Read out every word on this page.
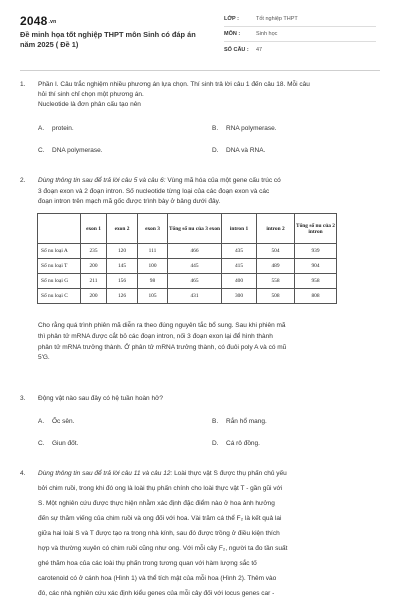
2048.vn
Đề minh họa tốt nghiệp THPT môn Sinh có đáp án năm 2025 ( Đề 1)
LỚP :	Tốt nghiệp THPT
MÔN :	Sinh học
SỐ CÂU : 47
1. Phần I. Câu trắc nghiệm nhiều phương án lựa chọn. Thí sinh trả lời câu 1 đến câu 18. Mỗi câu
hỏi thí sinh chỉ chọn một phương án.
Nucleotide là đơn phân cấu tạo nên
A. protein.	B. RNA polymerase.
C. DNA polymerase.	D. DNA và RNA.
2. Dùng thông tin sau để trả lời câu 5 và câu 6: Vùng mã hóa của một gene cấu trúc có
3 đoạn exon và 2 đoạn intron. Số nucleotide từng loại của các đoạn exon và các
đoạn intron trên mạch mã gốc được trình bày ở bảng dưới đây.
	exon 1	exon 2	exon 3	Tổng số nu của 3 exon	intron 1	intron 2	Tổng số nu của 2 intron
Số nu loại A	235	120	111	466	435	504	939
Số nu loại T	200	145	100	445	415	489	904
Số nu loại G	211	156	98	465	400	558	958
Số nu loại C	200	126	105	431	300	508	808
Cho rằng quá trình phiên mã diễn ra theo đúng nguyên tắc bổ sung. Sau khi phiên mã
thì phân tử mRNA được cắt bỏ các đoạn intron, nối 3 đoạn exon lại để hình thành
phân tử mRNA trưởng thành. Ở phân tử mRNA trưởng thành, có đuôi poly A và có mũ
5'G.
3. Động vật nào sau đây có hệ tuần hoàn hở?
A. Ốc sên.	B. Rắn hổ mang.
C. Giun đốt.	D. Cá rô đồng.
4. Dùng thông tin sau để trả lời câu 11 và câu 12: Loài thực vật S được thụ phấn chủ yếu
bởi chim ruồi, trong khi đó ong là loài thụ phấn chính cho loài thực vật T - gần gũi với
S. Một nghiên cứu được thực hiện nhằm xác định đặc điểm nào ở hoa ảnh hưởng
đến sự thăm viếng của chim ruồi và ong đối với hoa. Vài trăm cá thể F₂ là kết quả lai
giữa hai loài S và T được tạo ra trong nhà kính, sau đó được trồng ở điều kiện thích
hợp và thường xuyên có chim ruồi cũng như ong. Với mỗi cây F₂, người ta đo tần suất
ghé thăm hoa của các loài thụ phấn trong tương quan với hàm lượng sắc tố
carotenoid có ở cánh hoa (Hình 1) và thể tích mật của mỗi hoa (Hình 2). Thêm vào
đó, các nhà nghiên cứu xác định kiểu genes của mỗi cây đối với locus genes car -
